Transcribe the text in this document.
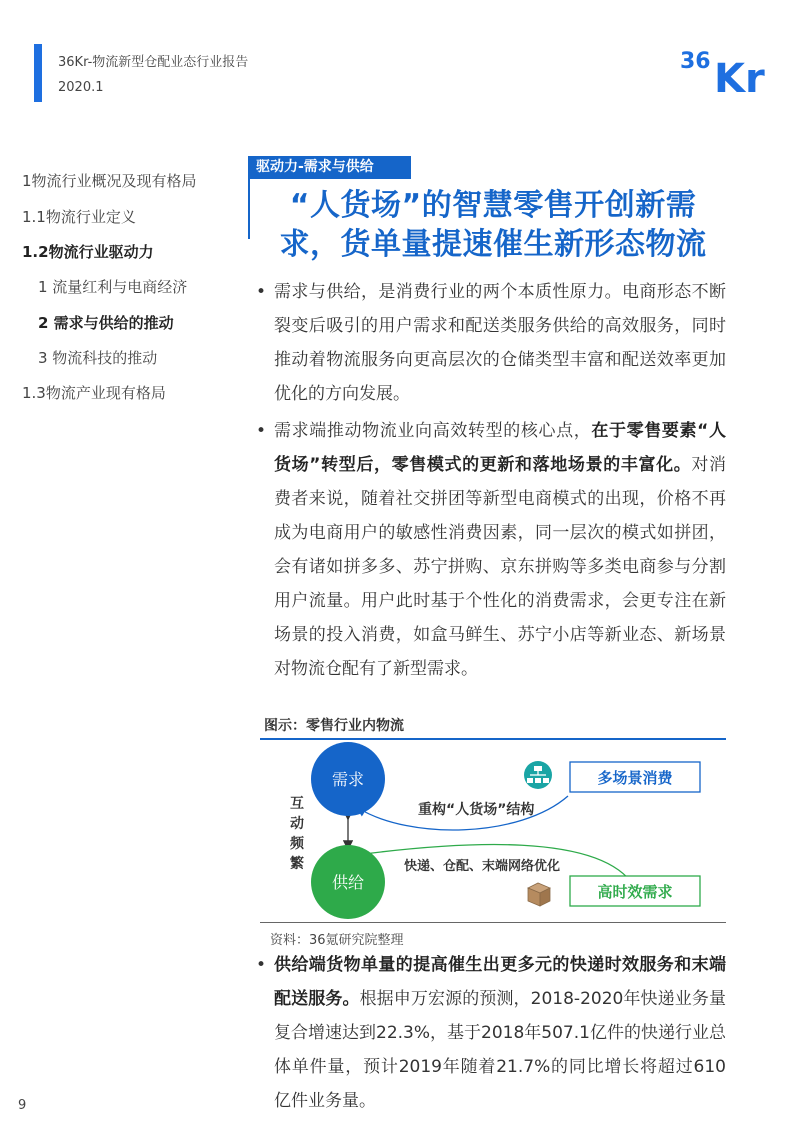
36Kr-物流新型仓配业态行业报告
2020.1
36 Kr
1物流行业概况及现有格局
1.1物流行业定义
1.2物流行业驱动力
1 流量红利与电商经济
2 需求与供给的推动
3 物流科技的推动
1.3物流产业现有格局
驱动力-需求与供给
“人货场”的智慧零售开创新需
求，货单量提速催生新形态物流
• 需求与供给，是消费行业的两个本质性原力。电商形态不断裂变后吸引的用户需求和配送类服务供给的高效服务，同时推动着物流服务向更高层次的仓储类型丰富和配送效率更加优化的方向发展。
• 需求端推动物流业向高效转型的核心点，在于零售要素“人货场”转型后，零售模式的更新和落地场景的丰富化。对消费者来说，随着社交拼团等新型电商模式的出现，价格不再成为电商用户的敏感性消费因素，同一层次的模式如拼团，会有诸如拼多多、苏宁拼购、京东拼购等多类电商参与分割用户流量。用户此时基于个性化的消费需求，会更专注在新场景的投入消费，如盒马鲜生、苏宁小店等新业态、新场景对物流仓配有了新型需求。
图示：零售行业内物流
需求
供给
互动频繁
重构“人货场”结构
快递、仓配、末端网络优化
多场景消费
高时效需求
资料：36氪研究院整理
• 供给端货物单量的提高催生出更多元的快递时效服务和末端配送服务。根据申万宏源的预测，2018-2020年快递业务量复合增速达到22.3%，基于2018年507.1亿件的快递行业总体单件量，预计2019年随着21.7%的同比增长将超过610亿件业务量。
9
